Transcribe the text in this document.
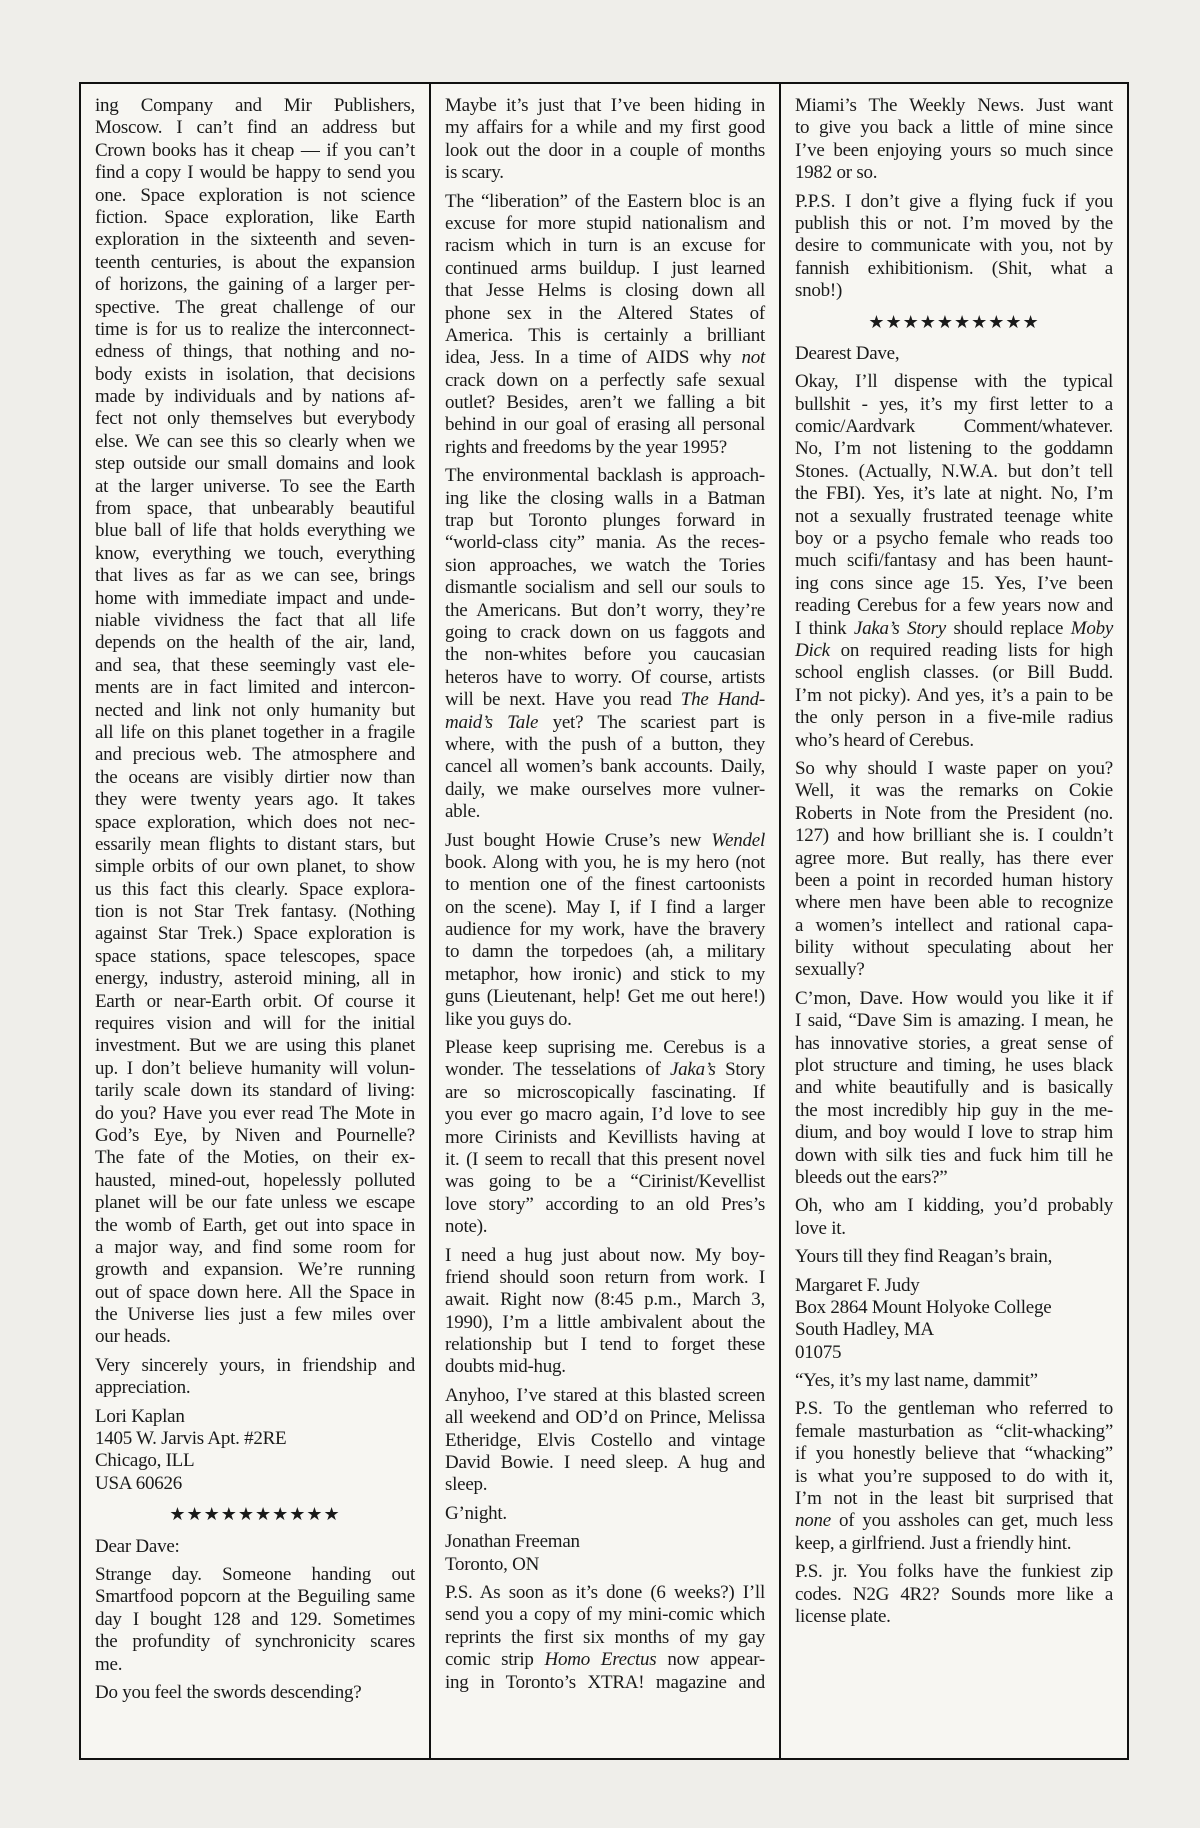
ing Company and Mir Publishers,
Moscow. I can’t find an address but
Crown books has it cheap — if you can’t
find a copy I would be happy to send you
one. Space exploration is not science
fiction. Space exploration, like Earth
exploration in the sixteenth and seven-
teenth centuries, is about the expansion
of horizons, the gaining of a larger per-
spective. The great challenge of our
time is for us to realize the interconnect-
edness of things, that nothing and no-
body exists in isolation, that decisions
made by individuals and by nations af-
fect not only themselves but everybody
else. We can see this so clearly when we
step outside our small domains and look
at the larger universe. To see the Earth
from space, that unbearably beautiful
blue ball of life that holds everything we
know, everything we touch, everything
that lives as far as we can see, brings
home with immediate impact and unde-
niable vividness the fact that all life
depends on the health of the air, land,
and sea, that these seemingly vast ele-
ments are in fact limited and intercon-
nected and link not only humanity but
all life on this planet together in a fragile
and precious web. The atmosphere and
the oceans are visibly dirtier now than
they were twenty years ago. It takes
space exploration, which does not nec-
essarily mean flights to distant stars, but
simple orbits of our own planet, to show
us this fact this clearly. Space explora-
tion is not Star Trek fantasy. (Nothing
against Star Trek.) Space exploration is
space stations, space telescopes, space
energy, industry, asteroid mining, all in
Earth or near-Earth orbit. Of course it
requires vision and will for the initial
investment. But we are using this planet
up. I don’t believe humanity will volun-
tarily scale down its standard of living:
do you? Have you ever read The Mote in
God’s Eye, by Niven and Pournelle?
The fate of the Moties, on their ex-
hausted, mined-out, hopelessly polluted
planet will be our fate unless we escape
the womb of Earth, get out into space in
a major way, and find some room for
growth and expansion. We’re running
out of space down here. All the Space in
the Universe lies just a few miles over
our heads.
Very sincerely yours, in friendship and
appreciation.
Lori Kaplan
1405 W. Jarvis Apt. #2RE
Chicago, ILL
USA 60626
★★★★★★★★★★
Dear Dave:
Strange day. Someone handing out
Smartfood popcorn at the Beguiling same
day I bought 128 and 129. Sometimes
the profundity of synchronicity scares
me.
Do you feel the swords descending?
Maybe it’s just that I’ve been hiding in
my affairs for a while and my first good
look out the door in a couple of months
is scary.
The “liberation” of the Eastern bloc is an
excuse for more stupid nationalism and
racism which in turn is an excuse for
continued arms buildup. I just learned
that Jesse Helms is closing down all
phone sex in the Altered States of
America. This is certainly a brilliant
idea, Jess. In a time of AIDS why not
crack down on a perfectly safe sexual
outlet? Besides, aren’t we falling a bit
behind in our goal of erasing all personal
rights and freedoms by the year 1995?
The environmental backlash is approach-
ing like the closing walls in a Batman
trap but Toronto plunges forward in
“world-class city” mania. As the reces-
sion approaches, we watch the Tories
dismantle socialism and sell our souls to
the Americans. But don’t worry, they’re
going to crack down on us faggots and
the non-whites before you caucasian
heteros have to worry. Of course, artists
will be next. Have you read The Hand-
maid’s Tale yet? The scariest part is
where, with the push of a button, they
cancel all women’s bank accounts. Daily,
daily, we make ourselves more vulner-
able.
Just bought Howie Cruse’s new Wendel
book. Along with you, he is my hero (not
to mention one of the finest cartoonists
on the scene). May I, if I find a larger
audience for my work, have the bravery
to damn the torpedoes (ah, a military
metaphor, how ironic) and stick to my
guns (Lieutenant, help! Get me out here!)
like you guys do.
Please keep suprising me. Cerebus is a
wonder. The tesselations of Jaka’s Story
are so microscopically fascinating. If
you ever go macro again, I’d love to see
more Cirinists and Kevillists having at
it. (I seem to recall that this present novel
was going to be a “Cirinist/Kevellist
love story” according to an old Pres’s
note).
I need a hug just about now. My boy-
friend should soon return from work. I
await. Right now (8:45 p.m., March 3,
1990), I’m a little ambivalent about the
relationship but I tend to forget these
doubts mid-hug.
Anyhoo, I’ve stared at this blasted screen
all weekend and OD’d on Prince, Melissa
Etheridge, Elvis Costello and vintage
David Bowie. I need sleep. A hug and
sleep.
G’night.
Jonathan Freeman
Toronto, ON
P.S. As soon as it’s done (6 weeks?) I’ll
send you a copy of my mini-comic which
reprints the first six months of my gay
comic strip Homo Erectus now appear-
ing in Toronto’s XTRA! magazine and
Miami’s The Weekly News. Just want
to give you back a little of mine since
I’ve been enjoying yours so much since
1982 or so.
P.P.S. I don’t give a flying fuck if you
publish this or not. I’m moved by the
desire to communicate with you, not by
fannish exhibitionism. (Shit, what a
snob!)
★★★★★★★★★★
Dearest Dave,
Okay, I’ll dispense with the typical
bullshit - yes, it’s my first letter to a
comic/Aardvark Comment/whatever.
No, I’m not listening to the goddamn
Stones. (Actually, N.W.A. but don’t tell
the FBI). Yes, it’s late at night. No, I’m
not a sexually frustrated teenage white
boy or a psycho female who reads too
much scifi/fantasy and has been haunt-
ing cons since age 15. Yes, I’ve been
reading Cerebus for a few years now and
I think Jaka’s Story should replace Moby
Dick on required reading lists for high
school english classes. (or Bill Budd.
I’m not picky). And yes, it’s a pain to be
the only person in a five-mile radius
who’s heard of Cerebus.
So why should I waste paper on you?
Well, it was the remarks on Cokie
Roberts in Note from the President (no.
127) and how brilliant she is. I couldn’t
agree more. But really, has there ever
been a point in recorded human history
where men have been able to recognize
a women’s intellect and rational capa-
bility without speculating about her
sexually?
C’mon, Dave. How would you like it if
I said, “Dave Sim is amazing. I mean, he
has innovative stories, a great sense of
plot structure and timing, he uses black
and white beautifully and is basically
the most incredibly hip guy in the me-
dium, and boy would I love to strap him
down with silk ties and fuck him till he
bleeds out the ears?”
Oh, who am I kidding, you’d probably
love it.
Yours till they find Reagan’s brain,
Margaret F. Judy
Box 2864 Mount Holyoke College
South Hadley, MA
01075
“Yes, it’s my last name, dammit”
P.S. To the gentleman who referred to
female masturbation as “clit-whacking”
if you honestly believe that “whacking”
is what you’re supposed to do with it,
I’m not in the least bit surprised that
none of you assholes can get, much less
keep, a girlfriend. Just a friendly hint.
P.S. jr. You folks have the funkiest zip
codes. N2G 4R2? Sounds more like a
license plate.
